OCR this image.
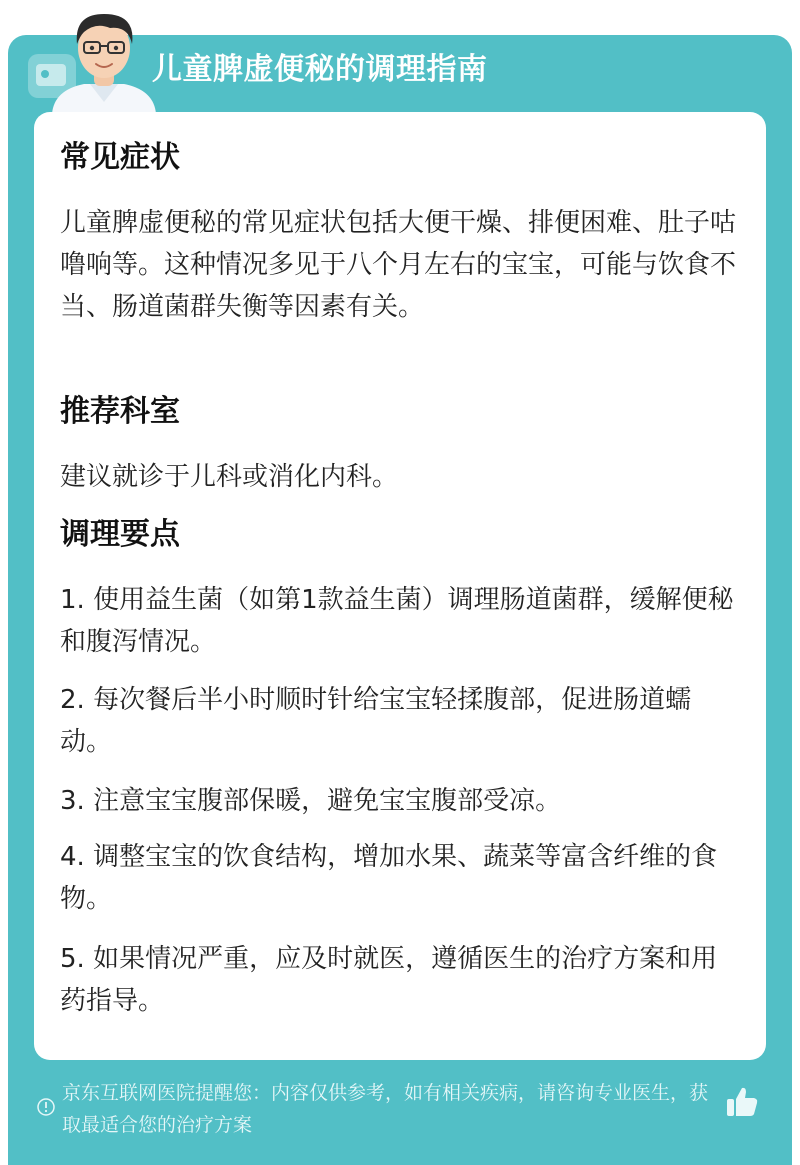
儿童脾虚便秘的调理指南
常见症状

儿童脾虚便秘的常见症状包括大便干燥、排便困难、肚子咕噜响等。这种情况多见于八个月左右的宝宝，可能与饮食不当、肠道菌群失衡等因素有关。

推荐科室

建议就诊于儿科或消化内科。

调理要点

1. 使用益生菌（如第1款益生菌）调理肠道菌群，缓解便秘和腹泻情况。

2. 每次餐后半小时顺时针给宝宝轻揉腹部，促进肠道蠕动。

3. 注意宝宝腹部保暖，避免宝宝腹部受凉。

4. 调整宝宝的饮食结构，增加水果、蔬菜等富含纤维的食物。

5. 如果情况严重，应及时就医，遵循医生的治疗方案和用药指导。

京东互联网医院提醒您：内容仅供参考，如有相关疾病，请咨询专业医生，获取最适合您的治疗方案
